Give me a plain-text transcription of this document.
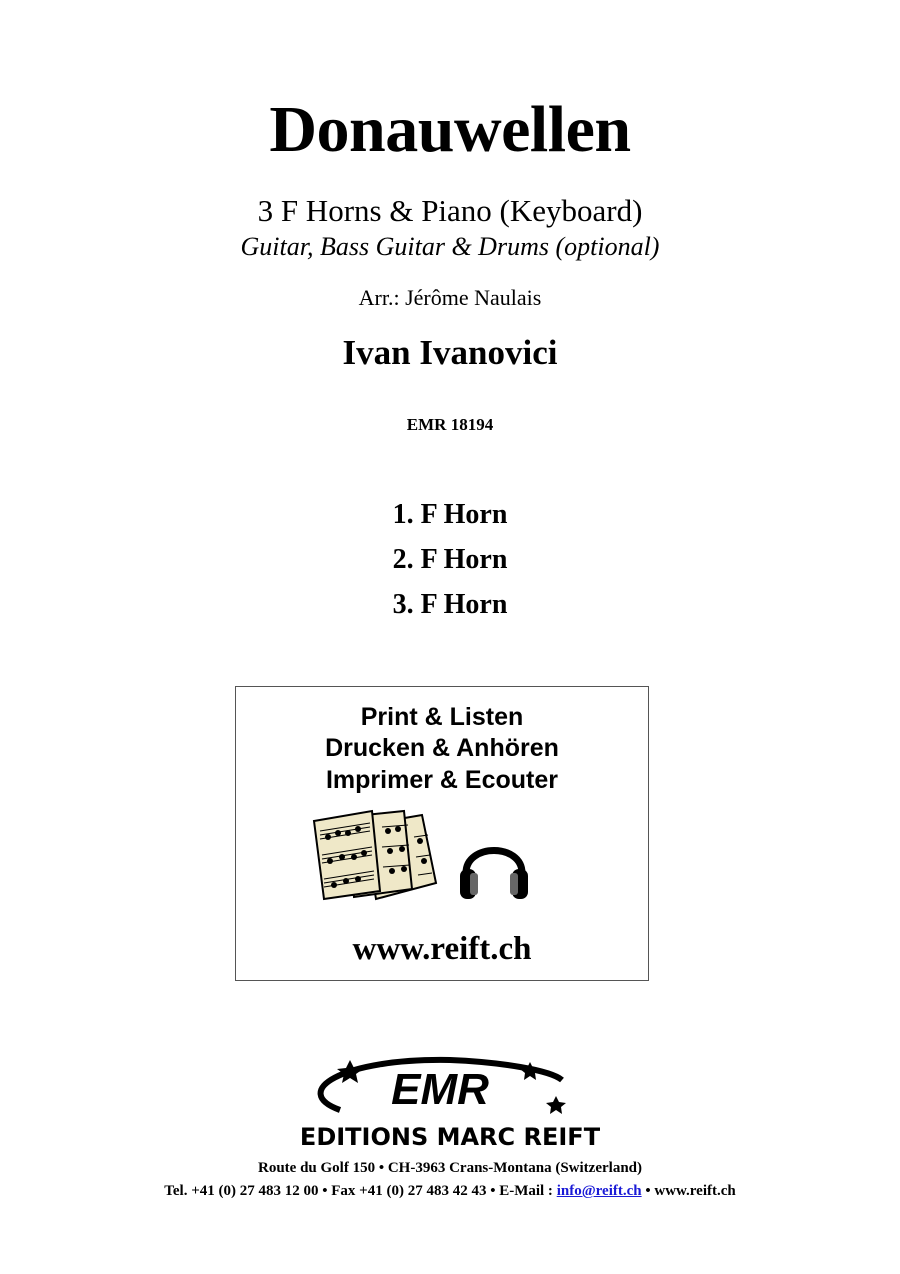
Donauwellen
3 F Horns & Piano (Keyboard)
Guitar, Bass Guitar & Drums (optional)
Arr.: Jérôme Naulais
Ivan Ivanovici
EMR 18194
1. F Horn
2. F Horn
3. F Horn
Print & Listen
Drucken & Anhören
Imprimer & Ecouter
www.reift.ch
EMR
EDITIONS MARC REIFT
Route du Golf 150 • CH-3963 Crans-Montana (Switzerland)
Tel. +41 (0) 27 483 12 00 • Fax +41 (0) 27 483 42 43 • E-Mail : info@reift.ch • www.reift.ch
